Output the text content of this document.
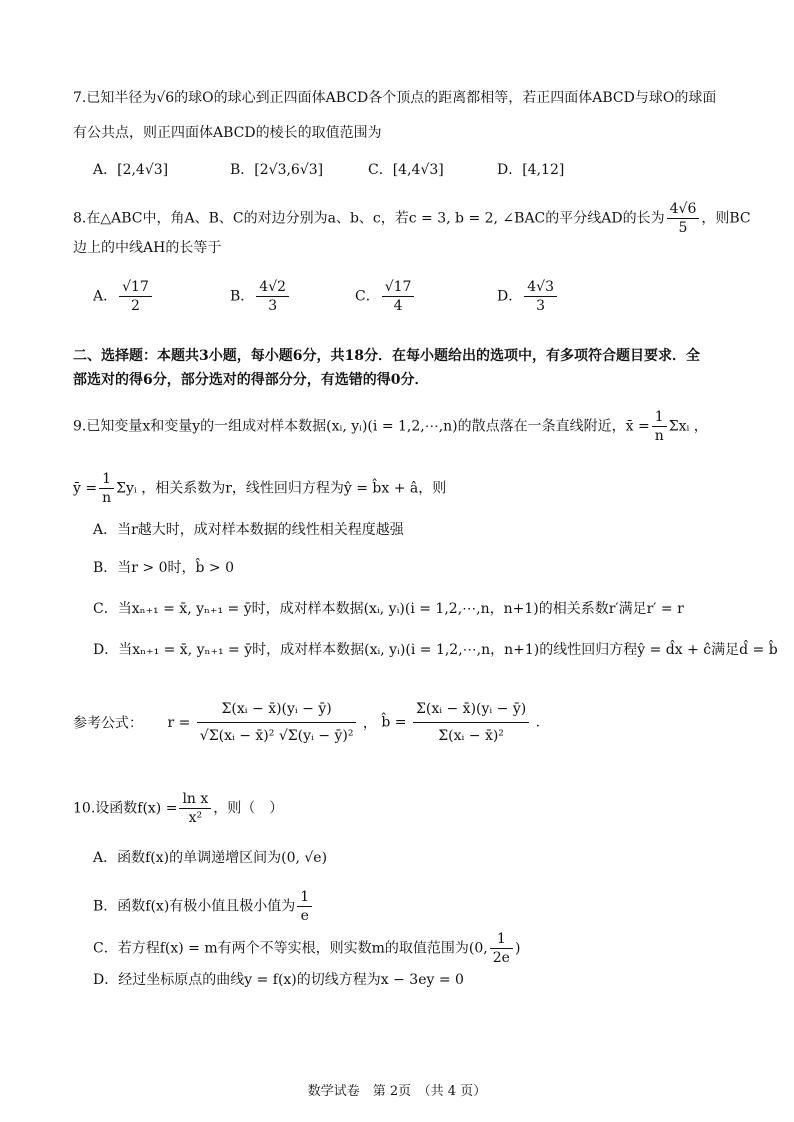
7.已知半径为√6的球O的球心到正四面体ABCD各个顶点的距离都相等，若正四面体ABCD与球O的球面
有公共点，则正四面体ABCD的棱长的取值范围为
A．[2,4√3]	B．[2√3,6√3]	C．[4,4√3]	D．[4,12]
8.在△ABC中，角A、B、C的对边分别为a、b、c，若c = 3, b = 2, ∠BAC的平分线AD的长为 $\frac{4√6}{5}$ ，则BC
边上的中线AH的长等于
A． $\frac{√17}{2}$	B． $\frac{4√2}{3}$	C． $\frac{√17}{4}$	D． $\frac{4√3}{3}$
二、选择题：本题共3小题，每小题6分，共18分．在每小题给出的选项中，有多项符合题目要求．全
部选对的得6分，部分选对的得部分分，有选错的得0分．
9.已知变量x和变量y的一组成对样本数据(xᵢ, yᵢ)(i = 1,2,⋯,n)的散点落在一条直线附近，x̄ = $\frac{1}{n}$ Σxᵢ ，
ȳ = $\frac{1}{n}$ Σyᵢ ，相关系数为r，线性回归方程为ŷ = b̂x + â，则
A．当r越大时，成对样本数据的线性相关程度越强
B．当r > 0时，b̂ > 0
C．当xₙ₊₁ = x̄, yₙ₊₁ = ȳ时，成对样本数据(xᵢ, yᵢ)(i = 1,2,⋯,n，n+1)的相关系数r′满足r′ = r
D．当xₙ₊₁ = x̄, yₙ₊₁ = ȳ时，成对样本数据(xᵢ, yᵢ)(i = 1,2,⋯,n，n+1)的线性回归方程ŷ = d̂x + ĉ满足d̂ = b̂
参考公式： $r = \frac{\text{Σ(xᵢ − x̄)(yᵢ − ȳ)}}{\text{√Σ(xᵢ − x̄)² √Σ(yᵢ − ȳ)²}}$ ， b̂ = $\frac{\text{Σ(xᵢ − x̄)(yᵢ − ȳ)}}{\text{Σ(xᵢ − x̄)²}}$ .
10.设函数$f(x) = \frac{\text{ln x}}{\text{x²}}$ ，则（　）
A．函数f(x)的单调递增区间为(0, √e)
B．函数f(x)有极小值且极小值为 $\frac{1}{e}$
C．若方程f(x) = m有两个不等实根，则实数m的取值范围为(0, $\frac{1}{2e}$ )
D．经过坐标原点的曲线y = f(x)的切线方程为x − 3ey = 0
数学试卷　第 2页　（共 4 页）
